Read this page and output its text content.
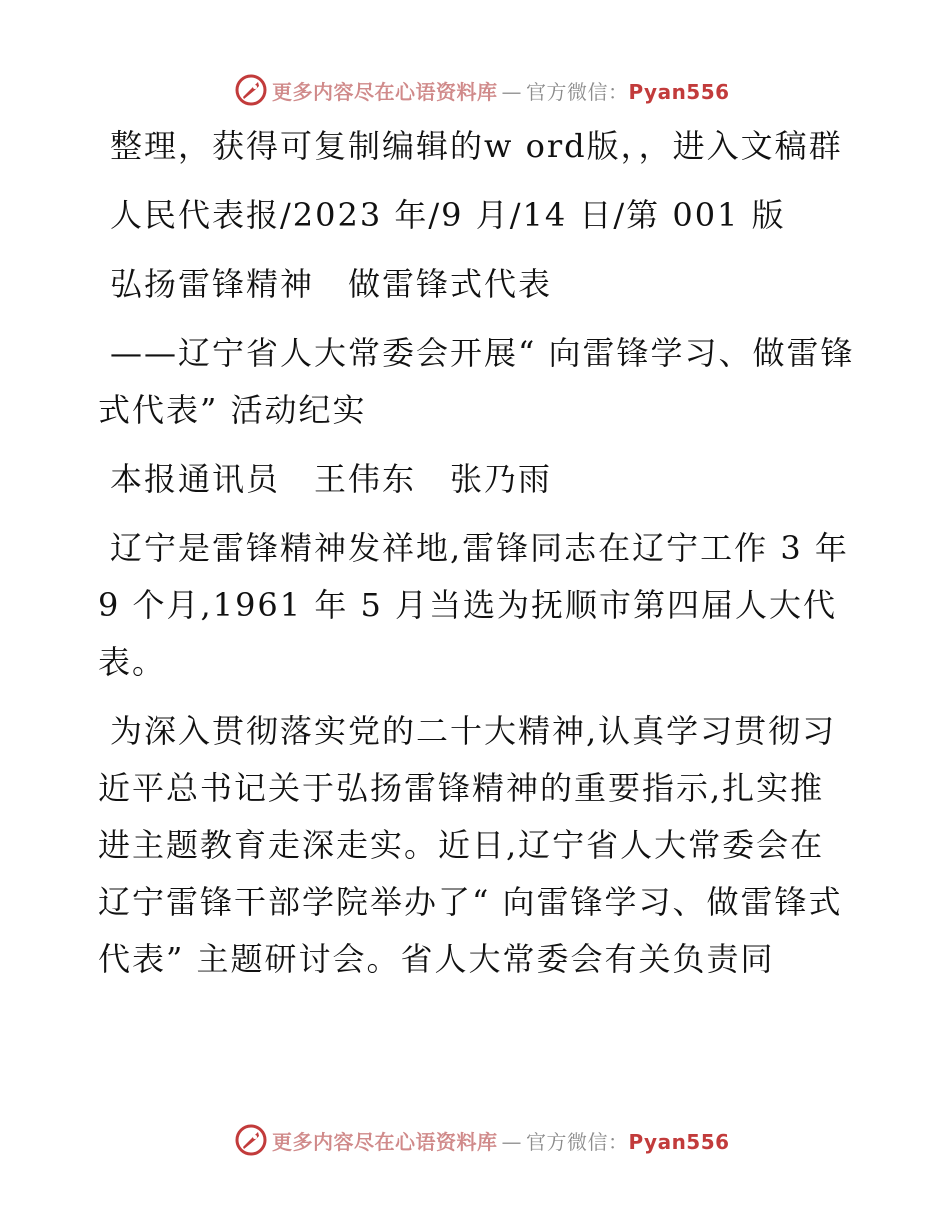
更多内容尽在心语资料库 — 官方微信：Pyan556

整理，获得可复制编辑的w ord版，，进入文稿群

人民代表报/2023 年/9 月/14 日/第 001 版

弘扬雷锋精神　做雷锋式代表

——辽宁省人大常委会开展“ 向雷锋学习、做雷锋式代表” 活动纪实

本报通讯员　王伟东　张乃雨

辽宁是雷锋精神发祥地,雷锋同志在辽宁工作 3 年 9 个月,1961 年 5 月当选为抚顺市第四届人大代表。

为深入贯彻落实党的二十大精神,认真学习贯彻习近平总书记关于弘扬雷锋精神的重要指示,扎实推进主题教育走深走实。近日,辽宁省人大常委会在辽宁雷锋干部学院举办了“ 向雷锋学习、做雷锋式代表” 主题研讨会。省人大常委会有关负责同

更多内容尽在心语资料库 — 官方微信：Pyan556
